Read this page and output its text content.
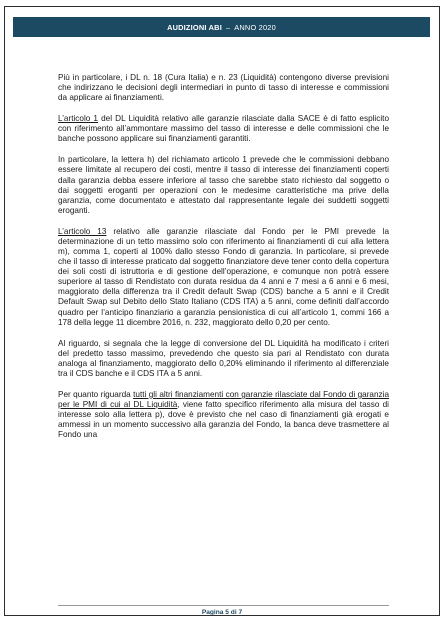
AUDIZIONI ABI – ANNO 2020

Più in particolare, i DL n. 18 (Cura Italia) e n. 23 (Liquidità) contengono diverse previsioni che indirizzano le decisioni degli intermediari in punto di tasso di interesse e commissioni da applicare ai finanziamenti.

L’articolo 1 del DL Liquidità relativo alle garanzie rilasciate dalla SACE è di fatto esplicito con riferimento all’ammontare massimo del tasso di interesse e delle commissioni che le banche possono applicare sui finanziamenti garantiti.

In particolare, la lettera h) del richiamato articolo 1 prevede che le commissioni debbano essere limitate al recupero dei costi, mentre il tasso di interesse dei finanziamenti coperti dalla garanzia debba essere inferiore al tasso che sarebbe stato richiesto dal soggetto o dai soggetti eroganti per operazioni con le medesime caratteristiche ma prive della garanzia, come documentato e attestato dal rappresentante legale dei suddetti soggetti eroganti.

L’articolo 13 relativo alle garanzie rilasciate dal Fondo per le PMI prevede la determinazione di un tetto massimo solo con riferimento ai finanziamenti di cui alla lettera m), comma 1, coperti al 100% dallo stesso Fondo di garanzia. In particolare, si prevede che il tasso di interesse praticato dal soggetto finanziatore deve tener conto della copertura dei soli costi di istruttoria e di gestione dell’operazione, e comunque non potrà essere superiore al tasso di Rendistato con durata residua da 4 anni e 7 mesi a 6 anni e 6 mesi, maggiorato della differenza tra il Credit default Swap (CDS) banche a 5 anni e il Credit Default Swap sul Debito dello Stato Italiano (CDS ITA) a 5 anni, come definiti dall’accordo quadro per l’anticipo finanziario a garanzia pensionistica di cui all’articolo 1, commi 166 a 178 della legge 11 dicembre 2016, n. 232, maggiorato dello 0,20 per cento.

Al riguardo, si segnala che la legge di conversione del DL Liquidità ha modificato i criteri del predetto tasso massimo, prevedendo che questo sia pari al Rendistato con durata analoga al finanziamento, maggiorato dello 0,20% eliminando il riferimento al differenziale tra il CDS banche e il CDS ITA a 5 anni.

Per quanto riguarda tutti gli altri finanziamenti con garanzie rilasciate dal Fondo di garanzia per le PMI di cui al DL Liquidità, viene fatto specifico riferimento alla misura del tasso di interesse solo alla lettera p), dove è previsto che nel caso di finanziamenti già erogati e ammessi in un momento successivo alla garanzia del Fondo, la banca deve trasmettere al Fondo una

Pagina 5 di 7
